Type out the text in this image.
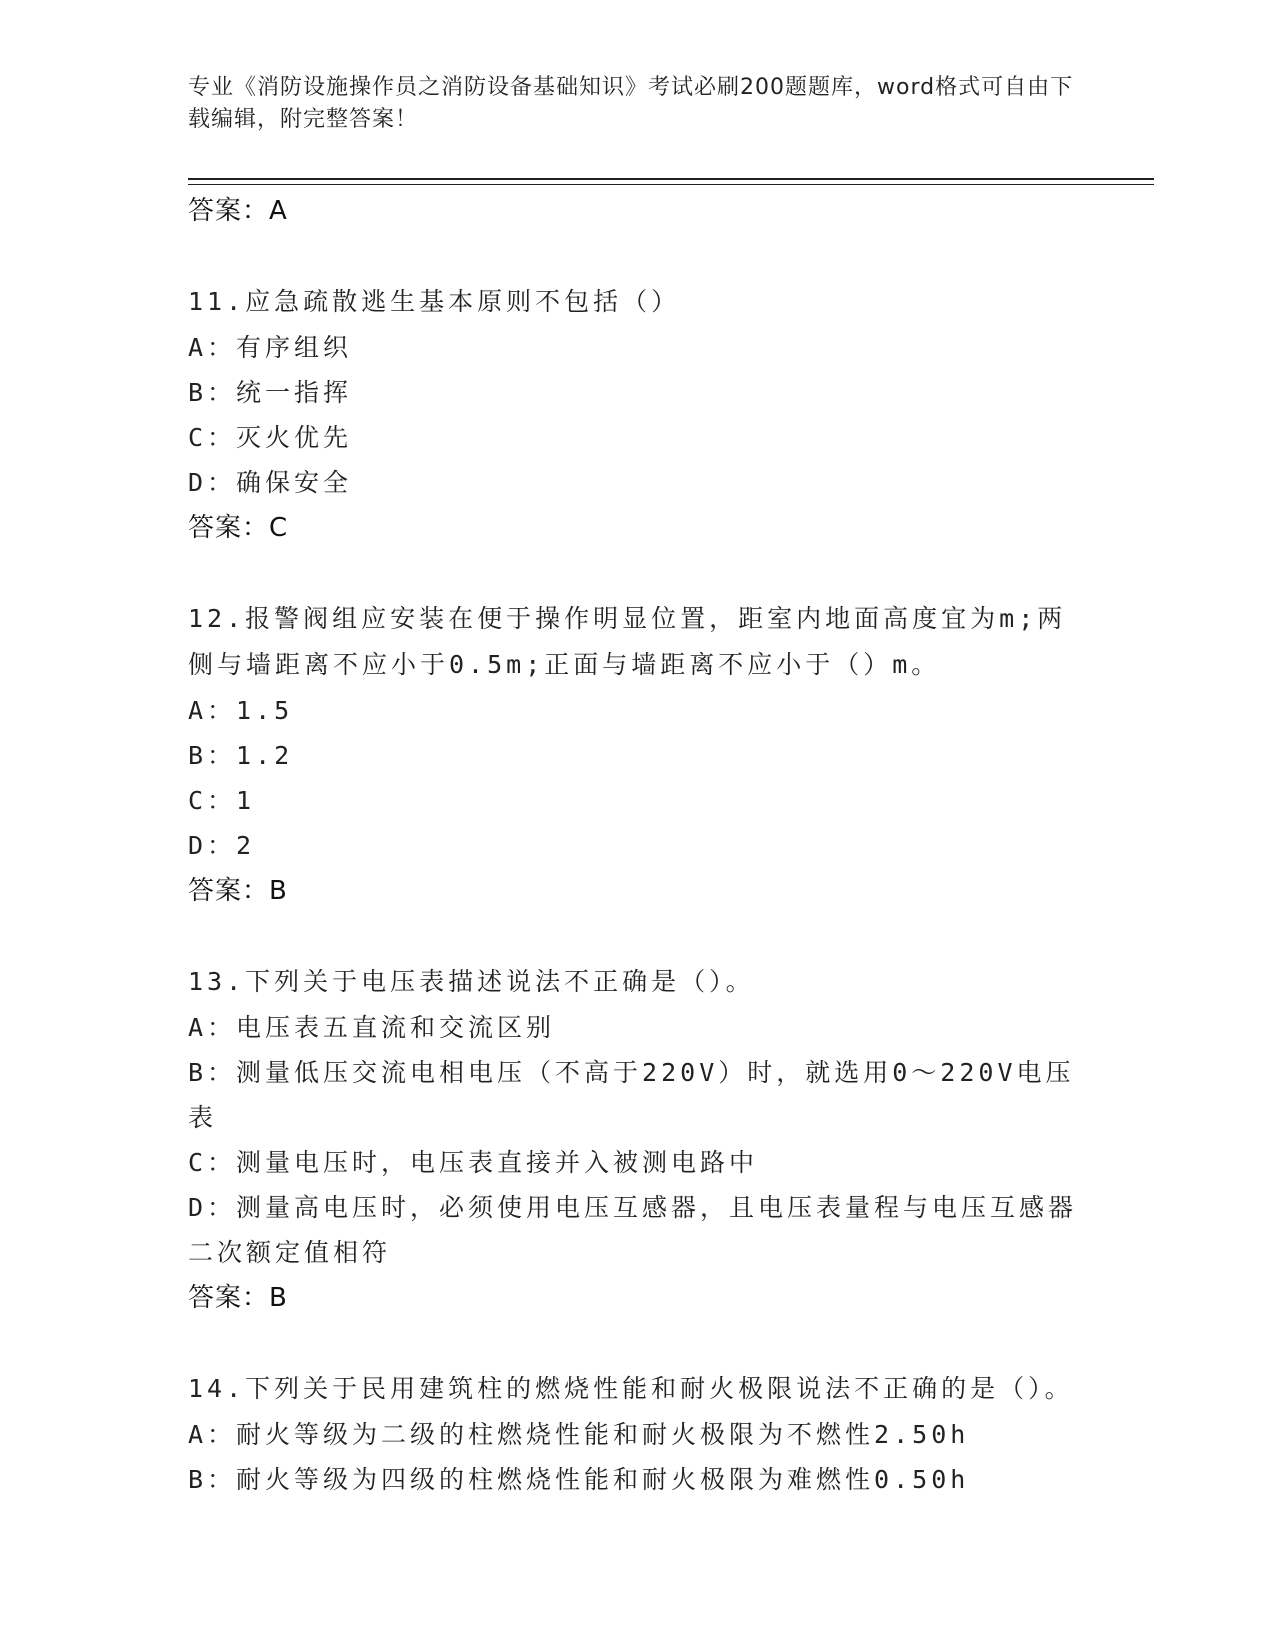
专业《消防设施操作员之消防设备基础知识》考试必刷200题题库，word格式可自由下载编辑，附完整答案！
答案：A
11.应急疏散逃生基本原则不包括（）
A：有序组织
B：统一指挥
C：灭火优先
D：确保安全
答案：C
12.报警阀组应安装在便于操作明显位置，距室内地面高度宜为m;两侧与墙距离不应小于0.5m;正面与墙距离不应小于（）m。
A：1.5
B：1.2
C：1
D：2
答案：B
13.下列关于电压表描述说法不正确是（）。
A：电压表五直流和交流区别
B：测量低压交流电相电压（不高于220V）时，就选用0～220V电压表
C：测量电压时，电压表直接并入被测电路中
D：测量高电压时，必须使用电压互感器，且电压表量程与电压互感器二次额定值相符
答案：B
14.下列关于民用建筑柱的燃烧性能和耐火极限说法不正确的是（）。
A：耐火等级为二级的柱燃烧性能和耐火极限为不燃性2.50h
B：耐火等级为四级的柱燃烧性能和耐火极限为难燃性0.50h
